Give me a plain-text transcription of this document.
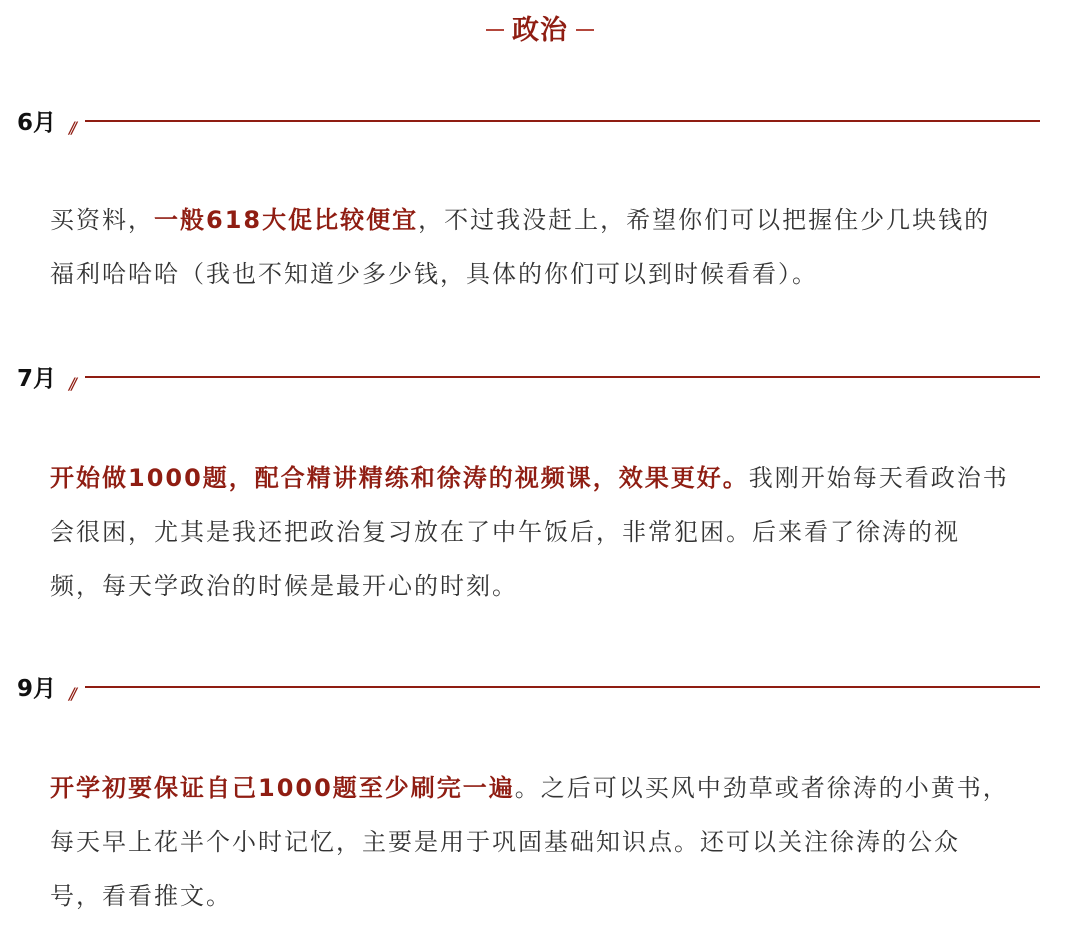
政治
6月 //

买资料，一般618大促比较便宜，不过我没赶上，希望你们可以把握住少几块钱的福利哈哈哈（我也不知道少多少钱，具体的你们可以到时候看看）。

7月 //

开始做1000题，配合精讲精练和徐涛的视频课，效果更好。我刚开始每天看政治书会很困，尤其是我还把政治复习放在了中午饭后，非常犯困。后来看了徐涛的视频，每天学政治的时候是最开心的时刻。

9月 //

开学初要保证自己1000题至少刷完一遍。之后可以买风中劲草或者徐涛的小黄书，每天早上花半个小时记忆，主要是用于巩固基础知识点。还可以关注徐涛的公众号，看看推文。
